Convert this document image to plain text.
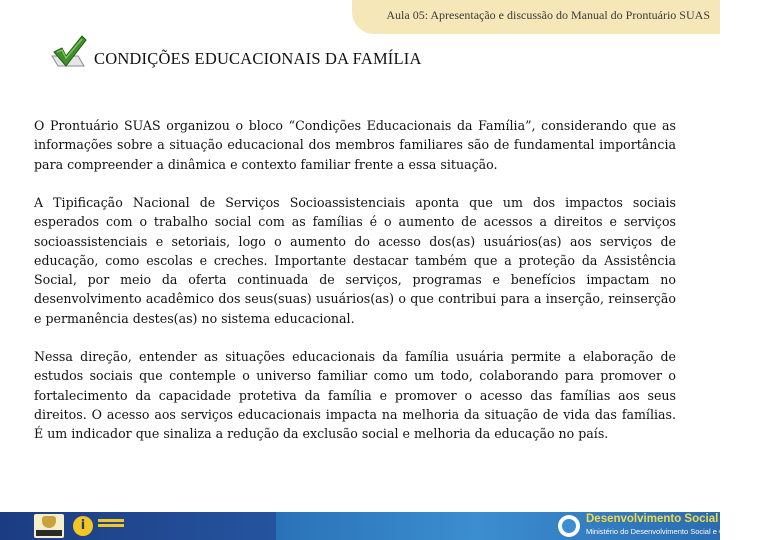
Aula 05: Apresentação e discussão do Manual do Prontuário SUAS
CONDIÇÕES EDUCACIONAIS DA FAMÍLIA

O Prontuário SUAS organizou o bloco “Condições Educacionais da Família”, considerando que as informações sobre a situação educacional dos membros familiares são de fundamental importância para compreender a dinâmica e contexto familiar frente a essa situação.

A Tipificação Nacional de Serviços Socioassistenciais aponta que um dos impactos sociais esperados com o trabalho social com as famílias é o aumento de acessos a direitos e serviços socioassistenciais e setoriais, logo o aumento do acesso dos(as) usuários(as) aos serviços de educação, como escolas e creches. Importante destacar também que a proteção da Assistência Social, por meio da oferta continuada de serviços, programas e benefícios impactam no desenvolvimento acadêmico dos seus(suas) usuários(as) o que contribui para a inserção, reinserção e permanência destes(as) no sistema educacional.

Nessa direção, entender as situações educacionais da família usuária permite a elaboração de estudos sociais que contemple o universo familiar como um todo, colaborando para promover o fortalecimento da capacidade protetiva da família e promover o acesso das famílias aos seus direitos. O acesso aos serviços educacionais impacta na melhoria da situação de vida das famílias. É um indicador que sinaliza a redução da exclusão social e melhoria da educação no país.

i	Desenvolvimento Social
Ministério do Desenvolvimento Social e Combate à Fome
